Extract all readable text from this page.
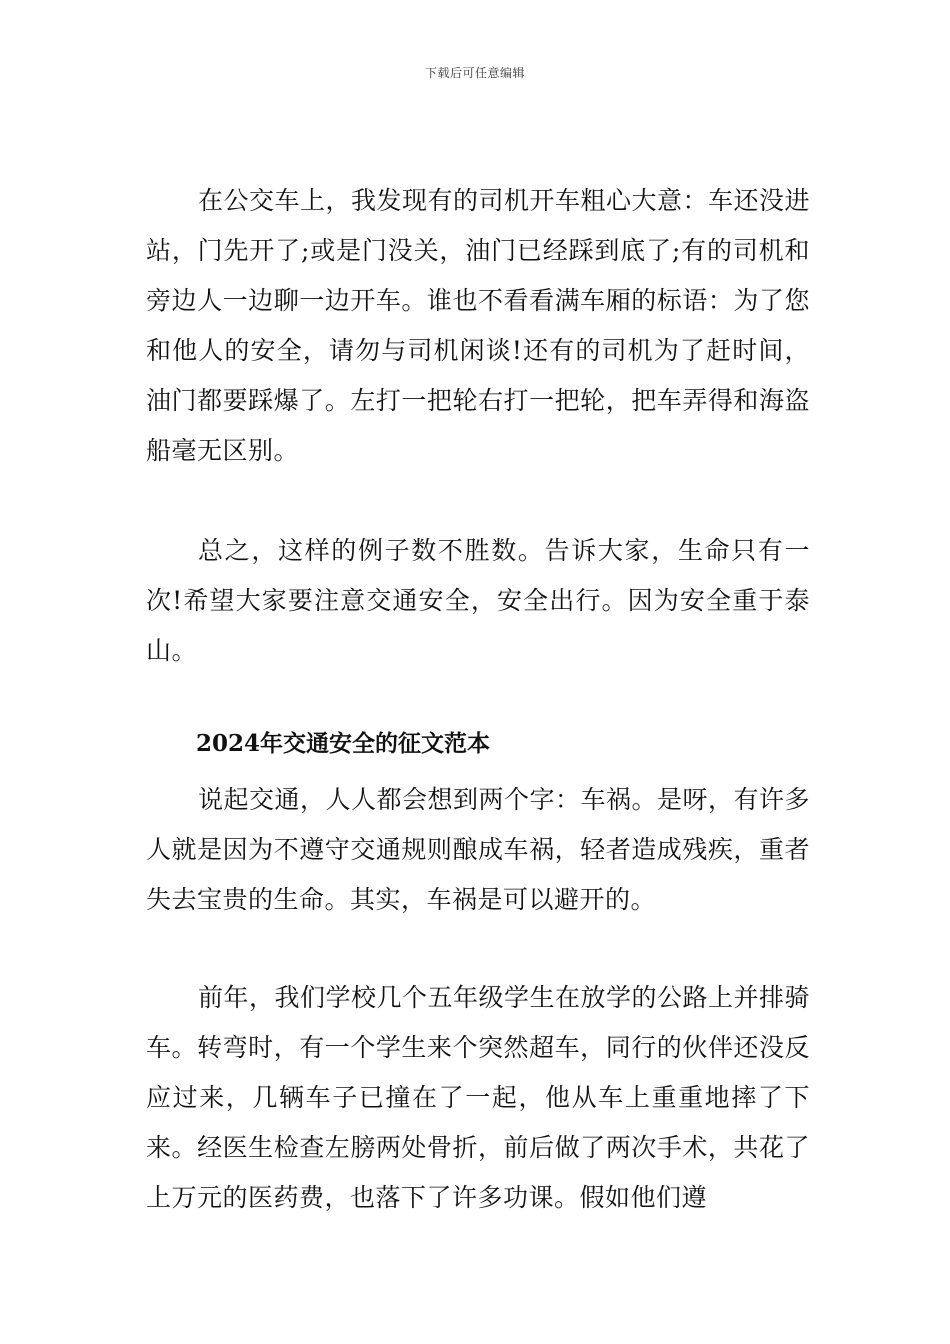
下载后可任意编辑

在公交车上，我发现有的司机开车粗心大意：车还没进站，门先开了;或是门没关，油门已经踩到底了;有的司机和旁边人一边聊一边开车。谁也不看看满车厢的标语：为了您和他人的安全，请勿与司机闲谈!还有的司机为了赶时间，油门都要踩爆了。左打一把轮右打一把轮，把车弄得和海盗船毫无区别。

总之，这样的例子数不胜数。告诉大家，生命只有一次!希望大家要注意交通安全，安全出行。因为安全重于泰山。

2024年交通安全的征文范本

说起交通，人人都会想到两个字：车祸。是呀，有许多人就是因为不遵守交通规则酿成车祸，轻者造成残疾，重者失去宝贵的生命。其实，车祸是可以避开的。

前年，我们学校几个五年级学生在放学的公路上并排骑车。转弯时，有一个学生来个突然超车，同行的伙伴还没反应过来，几辆车子已撞在了一起，他从车上重重地摔了下来。经医生检查左膀两处骨折，前后做了两次手术，共花了上万元的医药费，也落下了许多功课。假如他们遵
